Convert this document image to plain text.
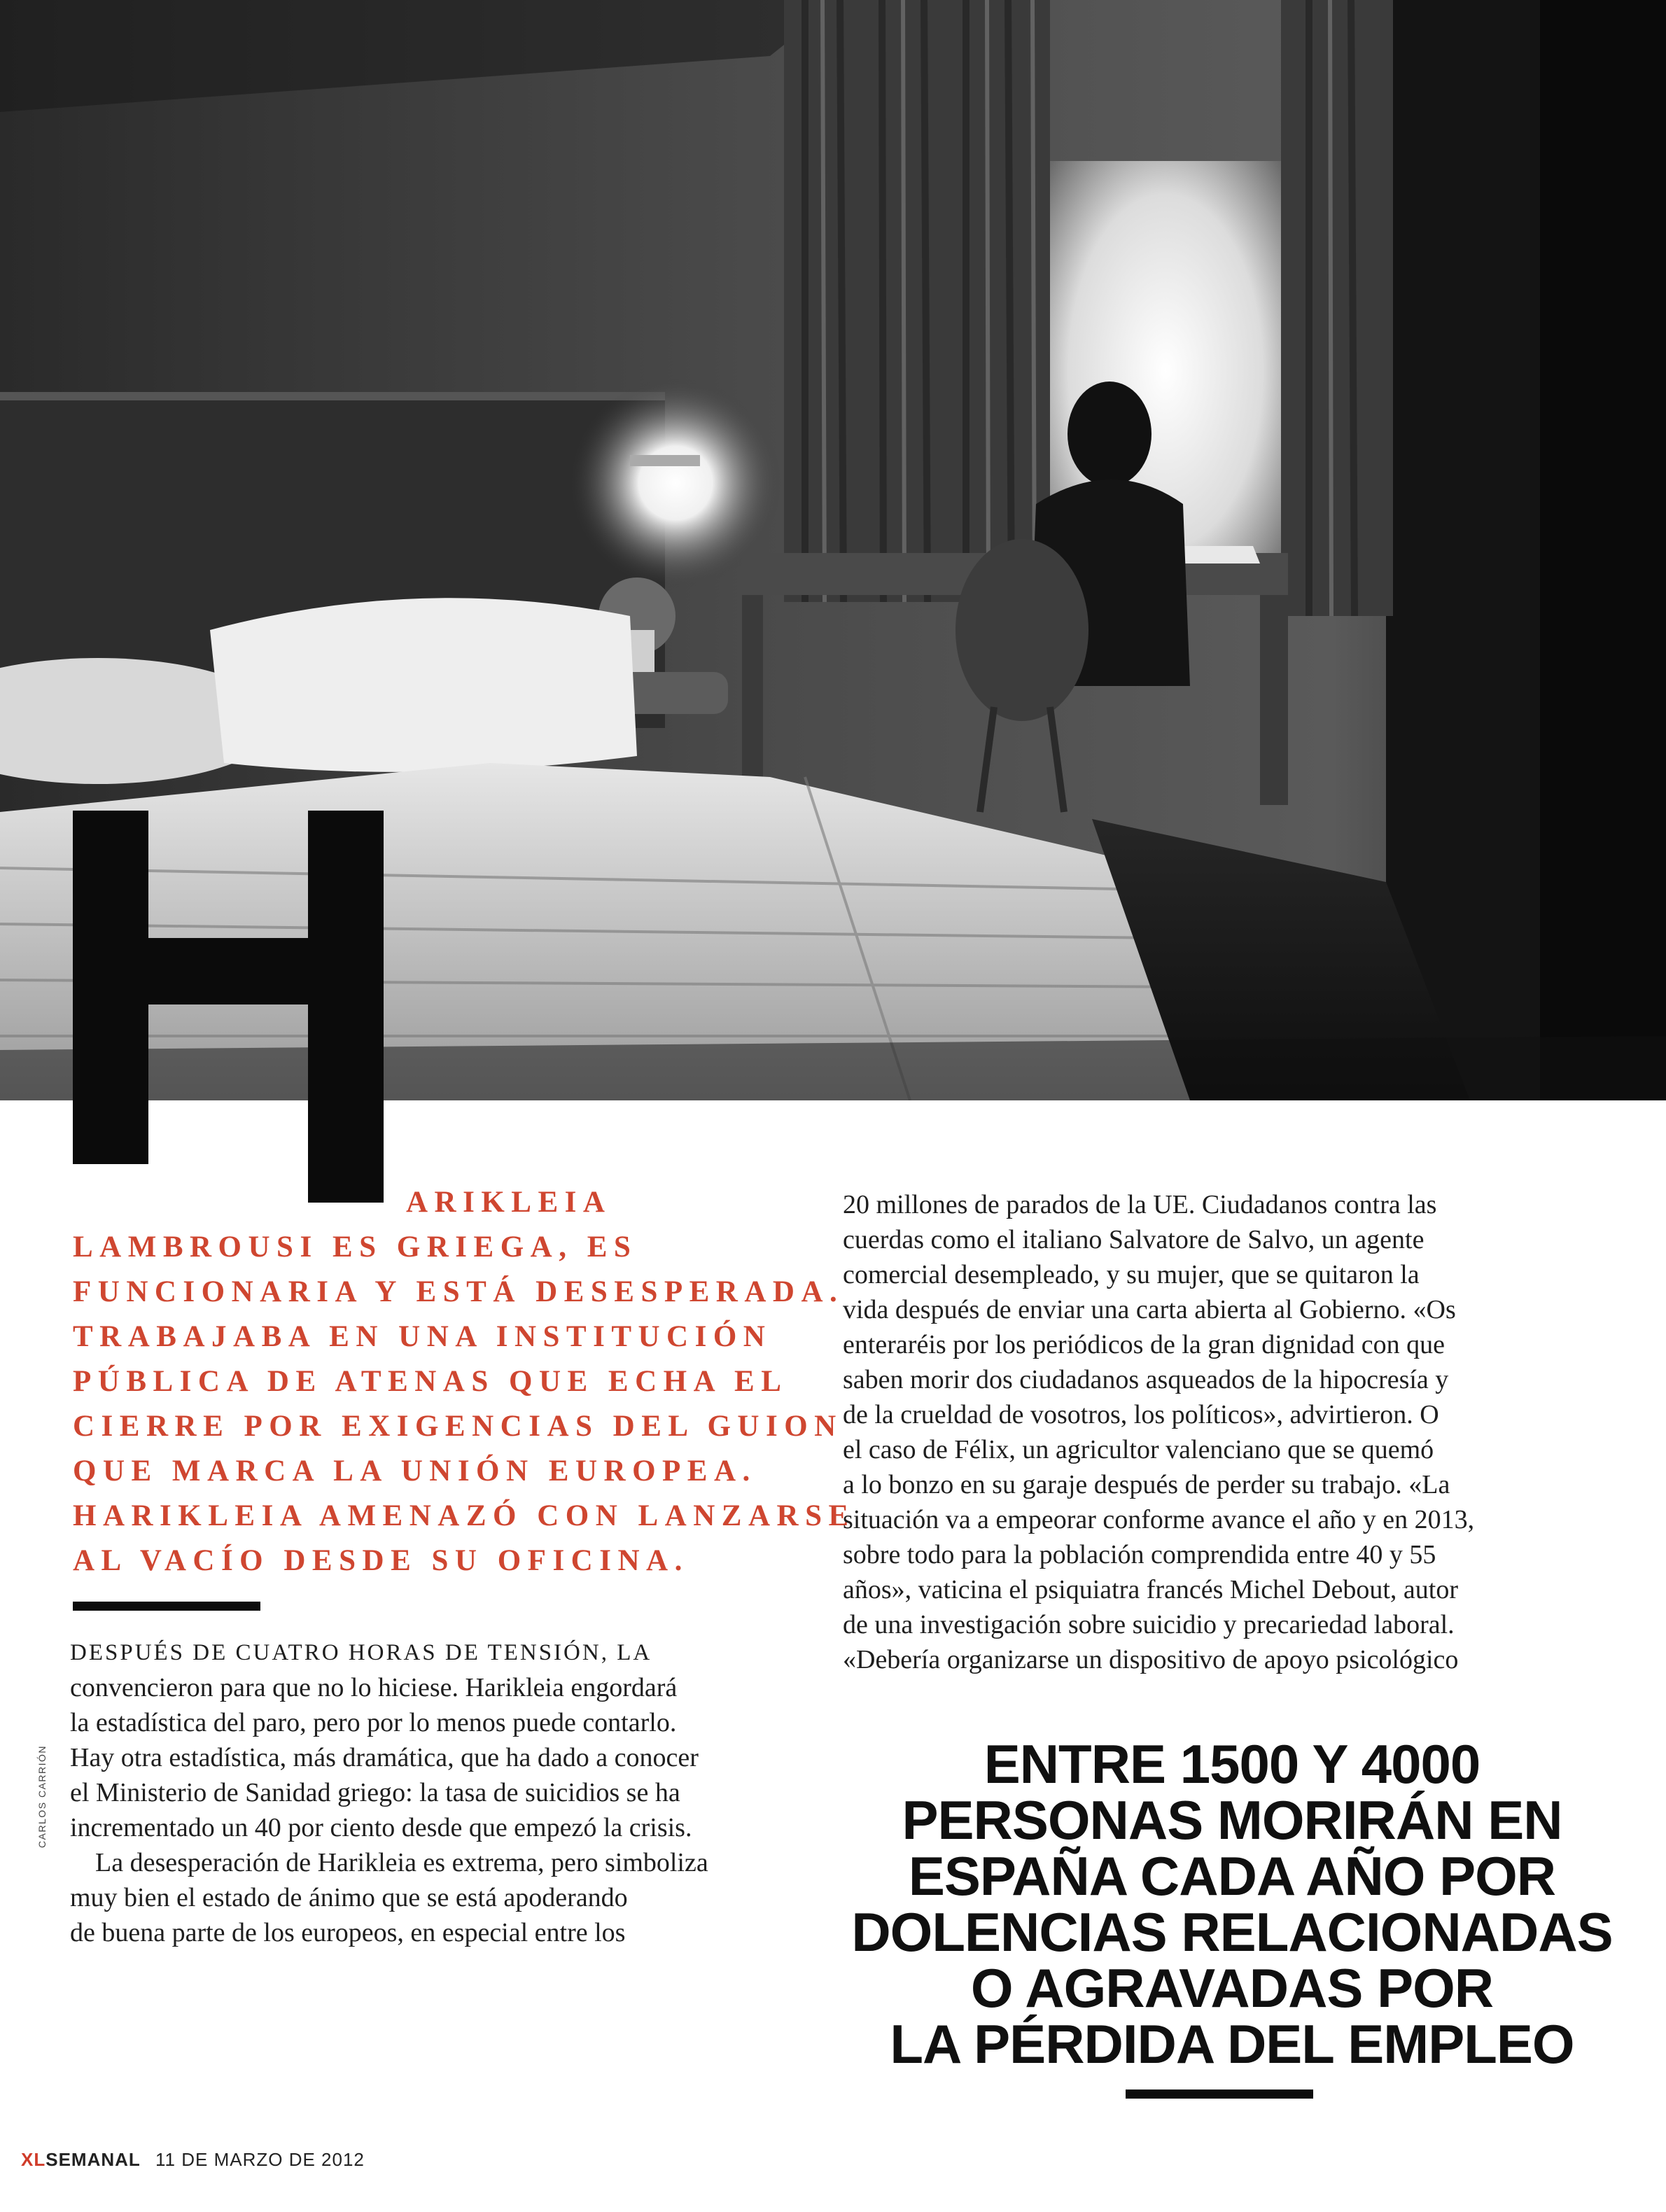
ARIKLEIA
LAMBROUSI ES GRIEGA, ES
FUNCIONARIA Y ESTÁ DESESPERADA.
TRABAJABA EN UNA INSTITUCIÓN
PÚBLICA DE ATENAS QUE ECHA EL
CIERRE POR EXIGENCIAS DEL GUION
QUE MARCA LA UNIÓN EUROPEA.
HARIKLEIA AMENAZÓ CON LANZARSE
AL VACÍO DESDE SU OFICINA.
DESPUÉS DE CUATRO HORAS DE TENSIÓN, LA
convencieron para que no lo hiciese. Harikleia engordará
la estadística del paro, pero por lo menos puede contarlo.
Hay otra estadística, más dramática, que ha dado a conocer
el Ministerio de Sanidad griego: la tasa de suicidios se ha
incrementado un 40 por ciento desde que empezó la crisis.
La desesperación de Harikleia es extrema, pero simboliza
muy bien el estado de ánimo que se está apoderando
de buena parte de los europeos, en especial entre los
CARLOS CARRIÓN
20 millones de parados de la UE. Ciudadanos contra las
cuerdas como el italiano Salvatore de Salvo, un agente
comercial desempleado, y su mujer, que se quitaron la
vida después de enviar una carta abierta al Gobierno. «Os
enteraréis por los periódicos de la gran dignidad con que
saben morir dos ciudadanos asqueados de la hipocresía y
de la crueldad de vosotros, los políticos», advirtieron. O
el caso de Félix, un agricultor valenciano que se quemó
a lo bonzo en su garaje después de perder su trabajo. «La
situación va a empeorar conforme avance el año y en 2013,
sobre todo para la población comprendida entre 40 y 55
años», vaticina el psiquiatra francés Michel Debout, autor
de una investigación sobre suicidio y precariedad laboral.
«Debería organizarse un dispositivo de apoyo psicológico
ENTRE 1500 Y 4000
PERSONAS MORIRÁN EN
ESPAÑA CADA AÑO POR
DOLENCIAS RELACIONADAS
O AGRAVADAS POR
LA PÉRDIDA DEL EMPLEO
XLSEMANAL 11 DE MARZO DE 2012
